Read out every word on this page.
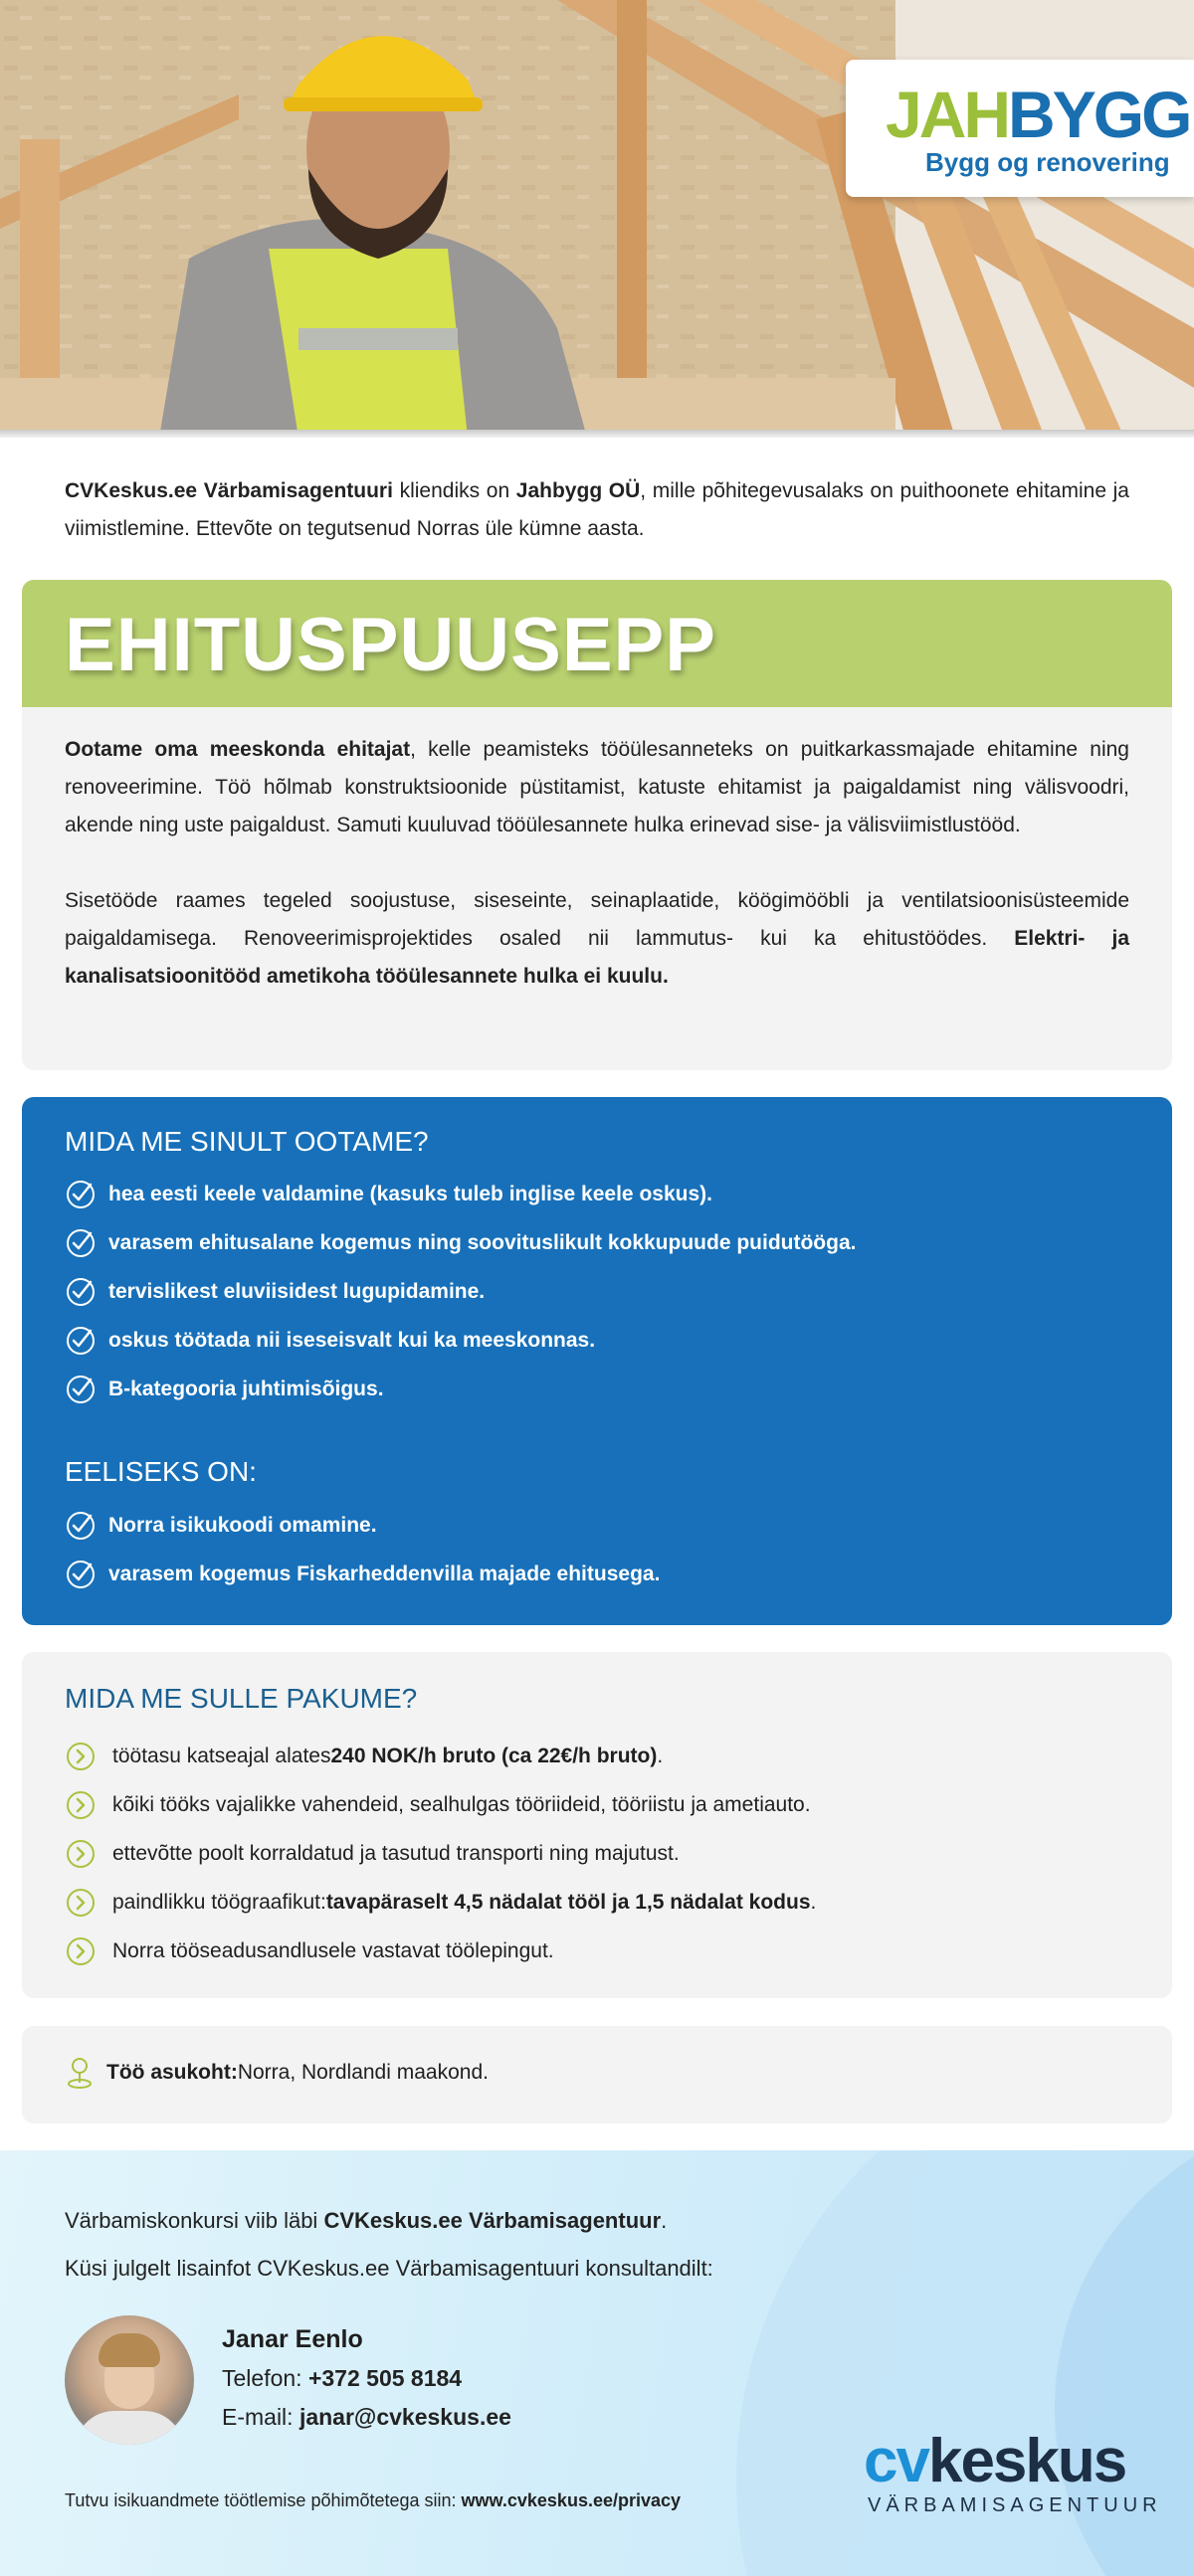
JAHBYGG
Bygg og renovering
CVKeskus.ee Värbamisagentuuri kliendiks on Jahbygg OÜ, mille põhitegevusalaks on puithoonete ehitamine ja viimistlemine. Ettevõte on tegutsenud Norras üle kümne aasta.
EHITUSPUUSEPP

Ootame oma meeskonda ehitajat, kelle peamisteks tööülesanneteks on puitkarkassmajade ehitamine ning renoveerimine. Töö hõlmab konstruktsioonide püstitamist, katuste ehitamist ja paigaldamist ning välisvoodri, akende ning uste paigaldust. Samuti kuuluvad tööülesannete hulka erinevad sise- ja välisviimistlustööd.

Sisetööde raames tegeled soojustuse, siseseinte, seinaplaatide, köögimööbli ja ventilatsioonisüsteemide paigaldamisega. Renoveerimisprojektides osaled nii lammutus- kui ka ehitustöödes. Elektri- ja kanalisatsioonitööd ametikoha tööülesannete hulka ei kuulu.

MIDA ME SINULT OOTAME?
hea eesti keele valdamine (kasuks tuleb inglise keele oskus).
varasem ehitusalane kogemus ning soovituslikult kokkupuude puidutööga.
tervislikest eluviisidest lugupidamine.
oskus töötada nii iseseisvalt kui ka meeskonnas.
B-kategooria juhtimisõigus.
EELISEKS ON:
Norra isikukoodi omamine.
varasem kogemus Fiskarheddenvilla majade ehitusega.
MIDA ME SULLE PAKUME?
töötasu katseajal alates 240 NOK/h bruto (ca 22€/h bruto) .
kõiki tööks vajalikke vahendeid, sealhulgas tööriideid, tööriistu ja ametiauto.
ettevõtte poolt korraldatud ja tasutud transporti ning majutust.
paindlikku töögraafikut: tavapäraselt 4,5 nädalat tööl ja 1,5 nädalat kodus .
Norra tööseadusandlusele vastavat töölepingut.
Töö asukoht: Norra, Nordlandi maakond.
Värbamiskonkursi viib läbi CVKeskus.ee Värbamisagentuur.
Küsi julgelt lisainfot CVKeskus.ee Värbamisagentuuri konsultandilt:
Janar Eenlo
Telefon: +372 505 8184
E-mail: janar@cvkeskus.ee
Tutvu isikuandmete töötlemise põhimõtetega siin: www.cvkeskus.ee/privacy
cvkeskus
VÄRBAMISAGENTUUR
